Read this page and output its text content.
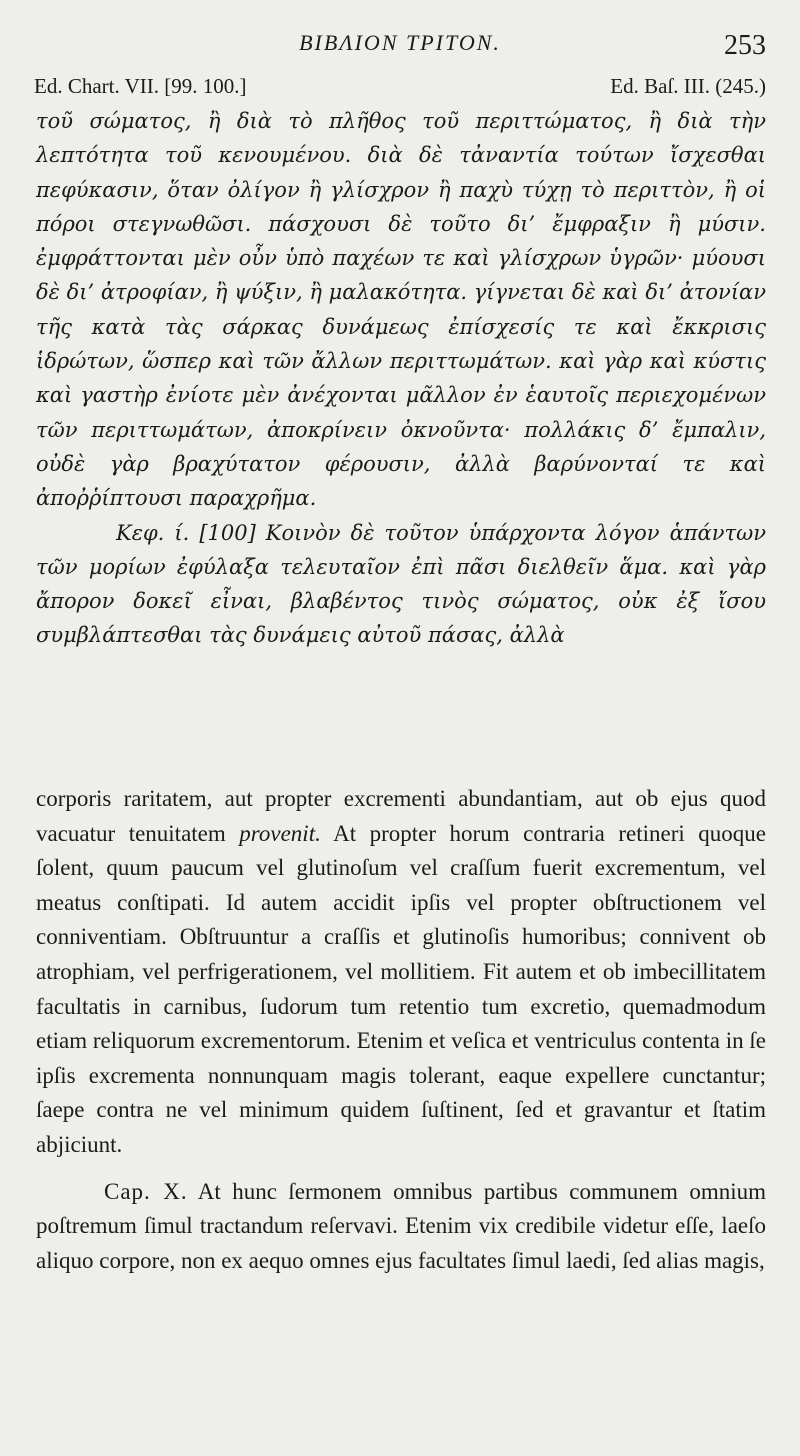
BIBΛΙΟΝ ΤΡΙΤΟΝ.	253
Ed. Chart. VII. [99. 100.]	Ed. Baſ. III. (245.)

τοῦ σώματος, ἢ διὰ τὸ πλῆθος τοῦ περιττώματος, ἢ διὰ τὴν λεπτότητα τοῦ κενουμένου. διὰ δὲ τἀναντία τούτων ἴσχεσθαι πεφύκασιν, ὅταν ὀλίγον ἢ γλίσχρον ἢ παχὺ τύχῃ τὸ περιττὸν, ἢ οἱ πόροι στεγνωθῶσι. πάσχουσι δὲ τοῦτο δι’ ἔμφραξιν ἢ μύσιν. ἐμφράττονται μὲν οὖν ὑπὸ παχέων τε καὶ γλίσχρων ὑγρῶν· μύουσι δὲ δι’ ἀτροφίαν, ἢ ψύξιν, ἢ μαλακότητα. γίγνεται δὲ καὶ δι’ ἀτονίαν τῆς κατὰ τὰς σάρκας δυνάμεως ἐπίσχεσίς τε καὶ ἔκκρισις ἱδρώτων, ὥσπερ καὶ τῶν ἄλλων περιττωμάτων. καὶ γὰρ καὶ κύστις καὶ γαστὴρ ἐνίοτε μὲν ἀνέχονται μᾶλλον ἐν ἑαυτοῖς περιεχομένων τῶν περιττωμάτων, ἀποκρίνειν ὀκνοῦντα· πολλάκις δ’ ἔμπαλιν, οὐδὲ γὰρ βραχύτατον φέρουσιν, ἀλλὰ βαρύνονταί τε καὶ ἀποῤῥίπτουσι παραχρῆμα.

Κεφ. ί. [100] Κοινὸν δὲ τοῦτον ὑπάρχοντα λόγον ἁπάντων τῶν μορίων ἐφύλαξα τελευταῖον ἐπὶ πᾶσι διελθεῖν ἅμα. καὶ γὰρ ἄπορον δοκεῖ εἶναι, βλαβέντος τινὸς σώματος, οὐκ ἐξ ἴσου συμβλάπτεσθαι τὰς δυνάμεις αὐτοῦ πάσας, ἀλλὰ

corporis raritatem, aut propter excrementi abundantiam, aut ob ejus quod vacuatur tenuitatem provenit. At propter horum contraria retineri quoque ſolent, quum paucum vel glutinoſum vel craſſum fuerit excrementum, vel meatus conſtipati. Id autem accidit ipſis vel propter obſtructionem vel conniventiam. Obſtruuntur a craſſis et glutinoſis humoribus; connivent ob atrophiam, vel perfrigerationem, vel mollitiem. Fit autem et ob imbecillitatem facultatis in carnibus, ſudorum tum retentio tum excretio, quemadmodum etiam reliquorum excrementorum. Etenim et veſica et ventriculus contenta in ſe ipſis excrementa nonnunquam magis tolerant, eaque expellere cunctantur; ſaepe contra ne vel minimum quidem ſuſtinent, ſed et gravantur et ſtatim abjiciunt.

Cap. X. At hunc ſermonem omnibus partibus communem omnium poſtremum ſimul tractandum reſervavi. Etenim vix credibile videtur eſſe, laeſo aliquo corpore, non ex aequo omnes ejus facultates ſimul laedi, ſed alias magis,
